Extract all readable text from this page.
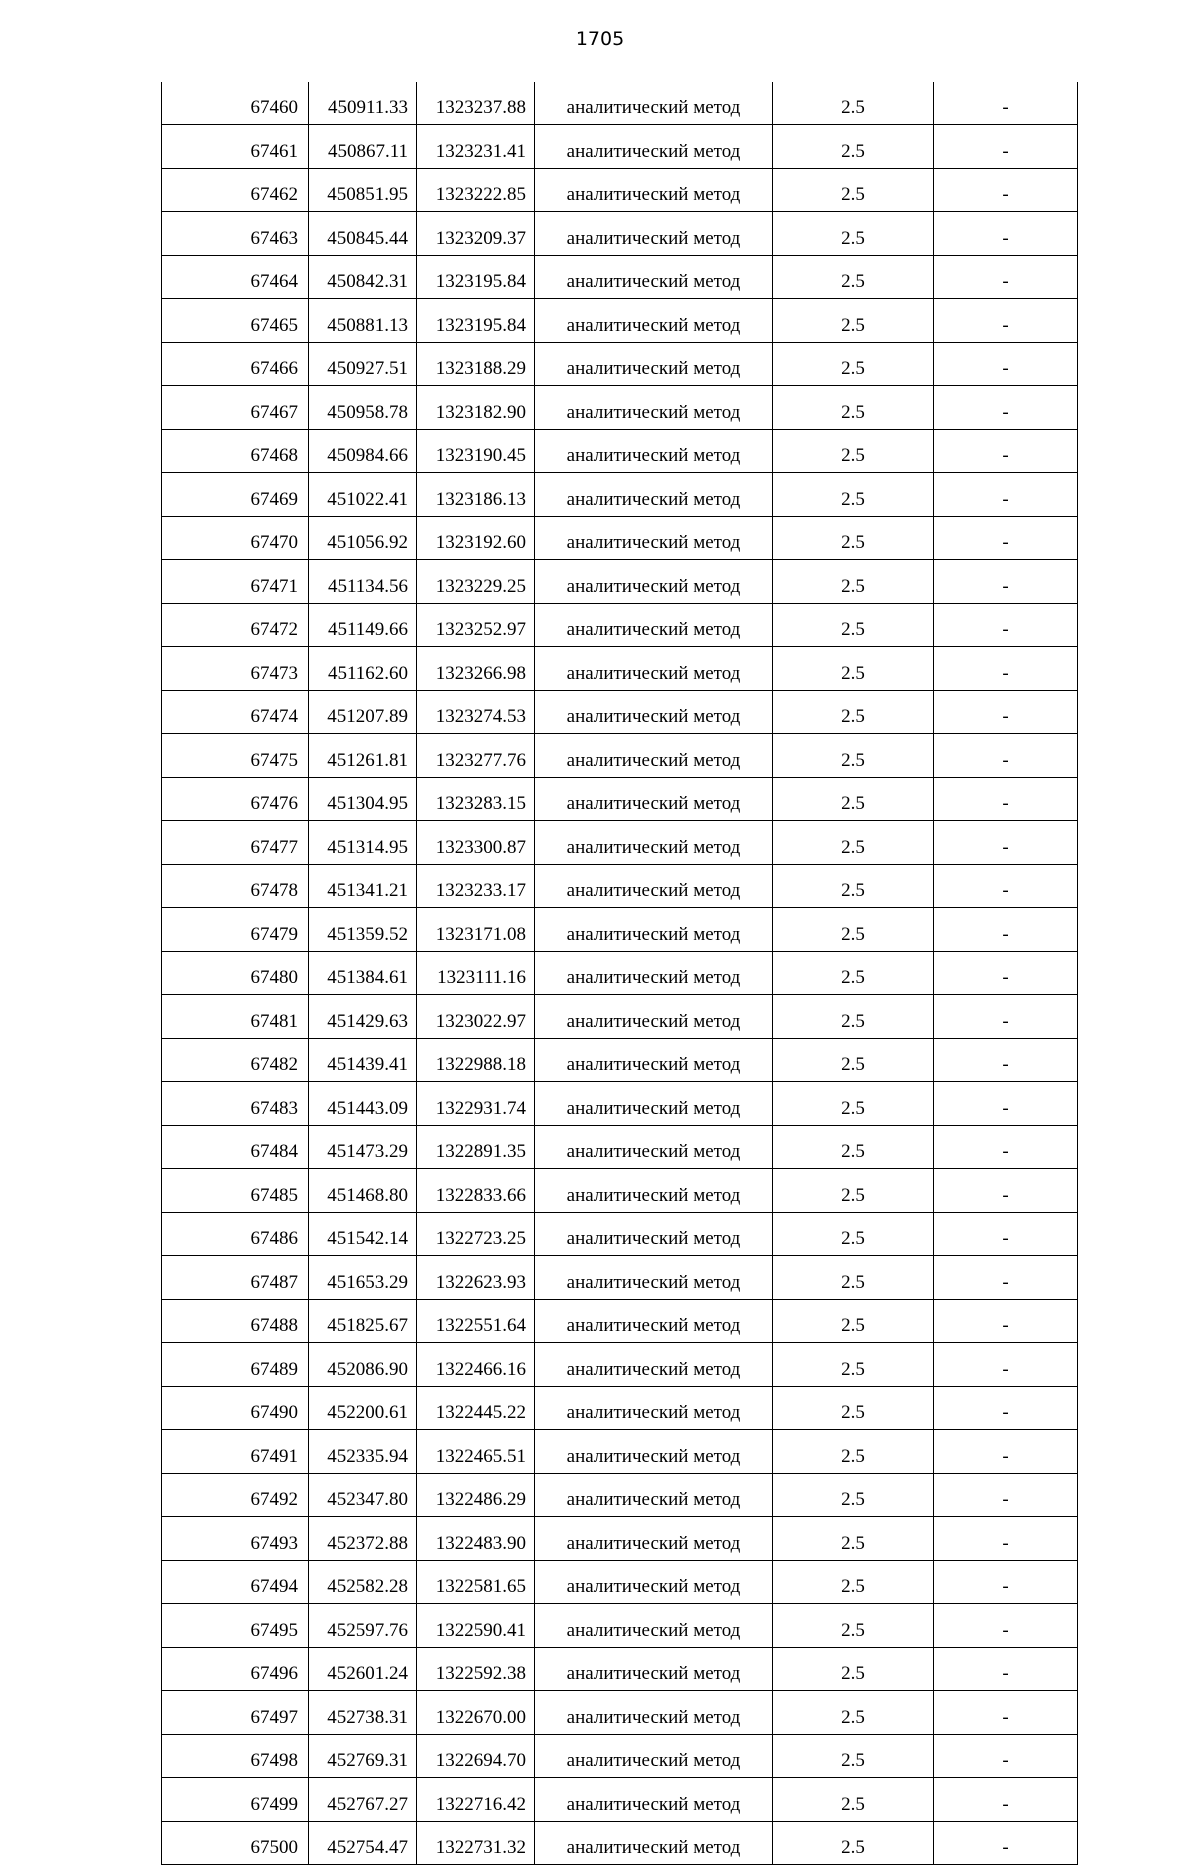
1705
67460	450911.33	1323237.88	аналитический метод	2.5	-
67461	450867.11	1323231.41	аналитический метод	2.5	-
67462	450851.95	1323222.85	аналитический метод	2.5	-
67463	450845.44	1323209.37	аналитический метод	2.5	-
67464	450842.31	1323195.84	аналитический метод	2.5	-
67465	450881.13	1323195.84	аналитический метод	2.5	-
67466	450927.51	1323188.29	аналитический метод	2.5	-
67467	450958.78	1323182.90	аналитический метод	2.5	-
67468	450984.66	1323190.45	аналитический метод	2.5	-
67469	451022.41	1323186.13	аналитический метод	2.5	-
67470	451056.92	1323192.60	аналитический метод	2.5	-
67471	451134.56	1323229.25	аналитический метод	2.5	-
67472	451149.66	1323252.97	аналитический метод	2.5	-
67473	451162.60	1323266.98	аналитический метод	2.5	-
67474	451207.89	1323274.53	аналитический метод	2.5	-
67475	451261.81	1323277.76	аналитический метод	2.5	-
67476	451304.95	1323283.15	аналитический метод	2.5	-
67477	451314.95	1323300.87	аналитический метод	2.5	-
67478	451341.21	1323233.17	аналитический метод	2.5	-
67479	451359.52	1323171.08	аналитический метод	2.5	-
67480	451384.61	1323111.16	аналитический метод	2.5	-
67481	451429.63	1323022.97	аналитический метод	2.5	-
67482	451439.41	1322988.18	аналитический метод	2.5	-
67483	451443.09	1322931.74	аналитический метод	2.5	-
67484	451473.29	1322891.35	аналитический метод	2.5	-
67485	451468.80	1322833.66	аналитический метод	2.5	-
67486	451542.14	1322723.25	аналитический метод	2.5	-
67487	451653.29	1322623.93	аналитический метод	2.5	-
67488	451825.67	1322551.64	аналитический метод	2.5	-
67489	452086.90	1322466.16	аналитический метод	2.5	-
67490	452200.61	1322445.22	аналитический метод	2.5	-
67491	452335.94	1322465.51	аналитический метод	2.5	-
67492	452347.80	1322486.29	аналитический метод	2.5	-
67493	452372.88	1322483.90	аналитический метод	2.5	-
67494	452582.28	1322581.65	аналитический метод	2.5	-
67495	452597.76	1322590.41	аналитический метод	2.5	-
67496	452601.24	1322592.38	аналитический метод	2.5	-
67497	452738.31	1322670.00	аналитический метод	2.5	-
67498	452769.31	1322694.70	аналитический метод	2.5	-
67499	452767.27	1322716.42	аналитический метод	2.5	-
67500	452754.47	1322731.32	аналитический метод	2.5	-
